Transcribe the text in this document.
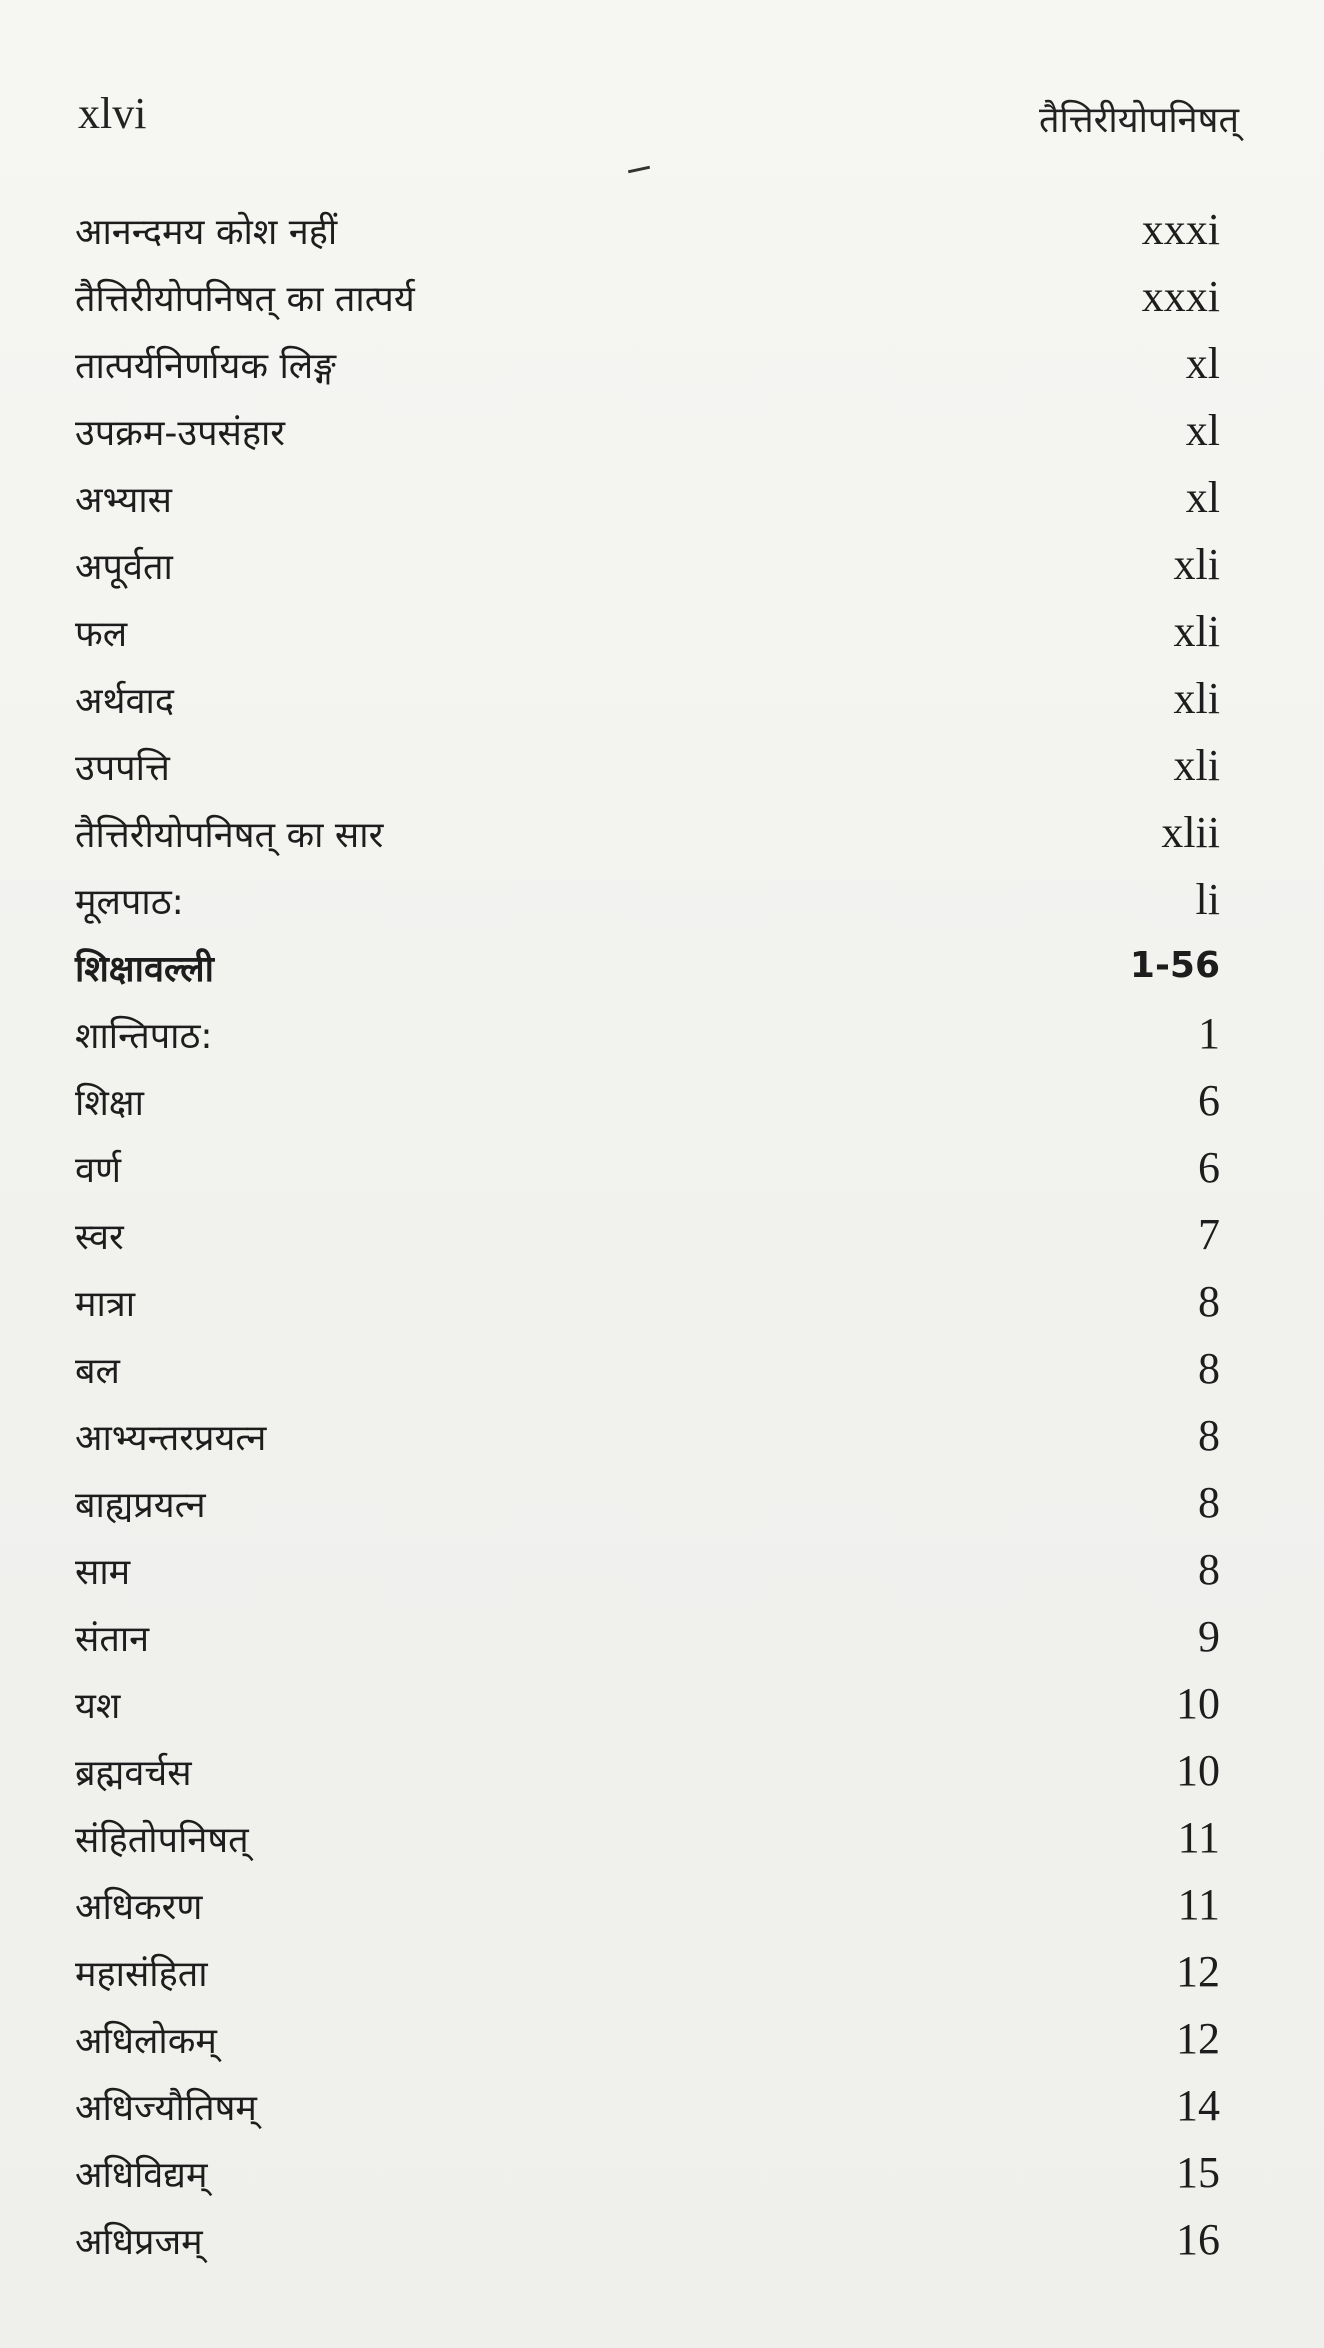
xlvi	तैत्तिरीयोपनिषत्
आनन्दमय कोश नहीं	xxxi
तैत्तिरीयोपनिषत् का तात्पर्य	xxxi
तात्पर्यनिर्णायक लिङ्ग	xl
उपक्रम-उपसंहार	xl
अभ्यास	xl
अपूर्वता	xli
फल	xli
अर्थवाद	xli
उपपत्ति	xli
तैत्तिरीयोपनिषत् का सार	xlii
मूलपाठ:	li
शिक्षावल्ली	1-56
शान्तिपाठ:	1
शिक्षा	6
वर्ण	6
स्वर	7
मात्रा	8
बल	8
आभ्यन्तरप्रयत्न	8
बाह्यप्रयत्न	8
साम	8
संतान	9
यश	10
ब्रह्मवर्चस	10
संहितोपनिषत्	11
अधिकरण	11
महासंहिता	12
अधिलोकम्	12
अधिज्यौतिषम्	14
अधिविद्यम्	15
अधिप्रजम्	16
